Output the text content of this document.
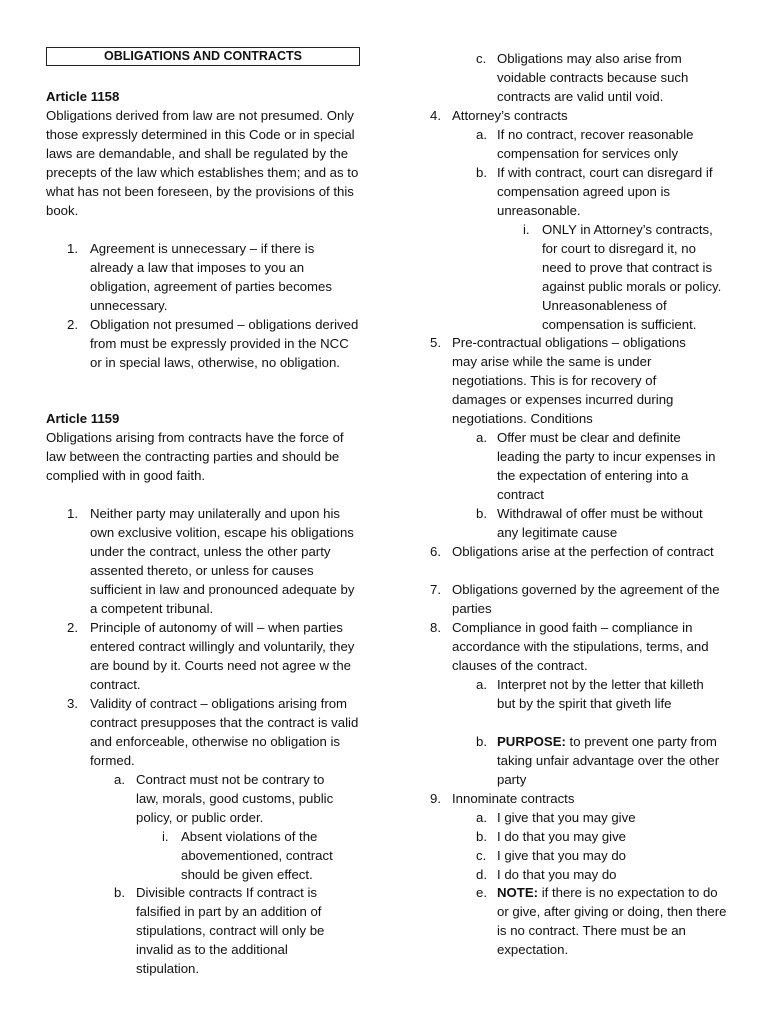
OBLIGATIONS AND CONTRACTS
Article 1158
Obligations derived from law are not presumed. Only those expressly determined in this Code or in special laws are demandable, and shall be regulated by the precepts of the law which establishes them; and as to what has not been foreseen, by the provisions of this book.
1. Agreement is unnecessary – if there is already a law that imposes to you an obligation, agreement of parties becomes unnecessary.
2. Obligation not presumed – obligations derived from must be expressly provided in the NCC or in special laws, otherwise, no obligation.
Article 1159
Obligations arising from contracts have the force of law between the contracting parties and should be complied with in good faith.
1. Neither party may unilaterally and upon his own exclusive volition, escape his obligations under the contract, unless the other party assented thereto, or unless for causes sufficient in law and pronounced adequate by a competent tribunal.
2. Principle of autonomy of will – when parties entered contract willingly and voluntarily, they are bound by it. Courts need not agree w the contract.
3. Validity of contract – obligations arising from contract presupposes that the contract is valid and enforceable, otherwise no obligation is formed.
a. Contract must not be contrary to law, morals, good customs, public policy, or public order.
i. Absent violations of the abovementioned, contract should be given effect.
b. Divisible contracts If contract is falsified in part by an addition of stipulations, contract will only be invalid as to the additional stipulation.
c. Obligations may also arise from voidable contracts because such contracts are valid until void.
4. Attorney’s contracts
a. If no contract, recover reasonable compensation for services only
b. If with contract, court can disregard if compensation agreed upon is unreasonable.
i. ONLY in Attorney’s contracts, for court to disregard it, no need to prove that contract is against public morals or policy. Unreasonableness of compensation is sufficient.
5. Pre-contractual obligations – obligations may arise while the same is under negotiations. This is for recovery of damages or expenses incurred during negotiations. Conditions
a. Offer must be clear and definite leading the party to incur expenses in the expectation of entering into a contract
b. Withdrawal of offer must be without any legitimate cause
6. Obligations arise at the perfection of contract
7. Obligations governed by the agreement of the parties
8. Compliance in good faith – compliance in accordance with the stipulations, terms, and clauses of the contract.
a. Interpret not by the letter that killeth but by the spirit that giveth life
b. PURPOSE: to prevent one party from taking unfair advantage over the other party
9. Innominate contracts
a. I give that you may give
b. I do that you may give
c. I give that you may do
d. I do that you may do
e. NOTE: if there is no expectation to do or give, after giving or doing, then there is no contract. There must be an expectation.
